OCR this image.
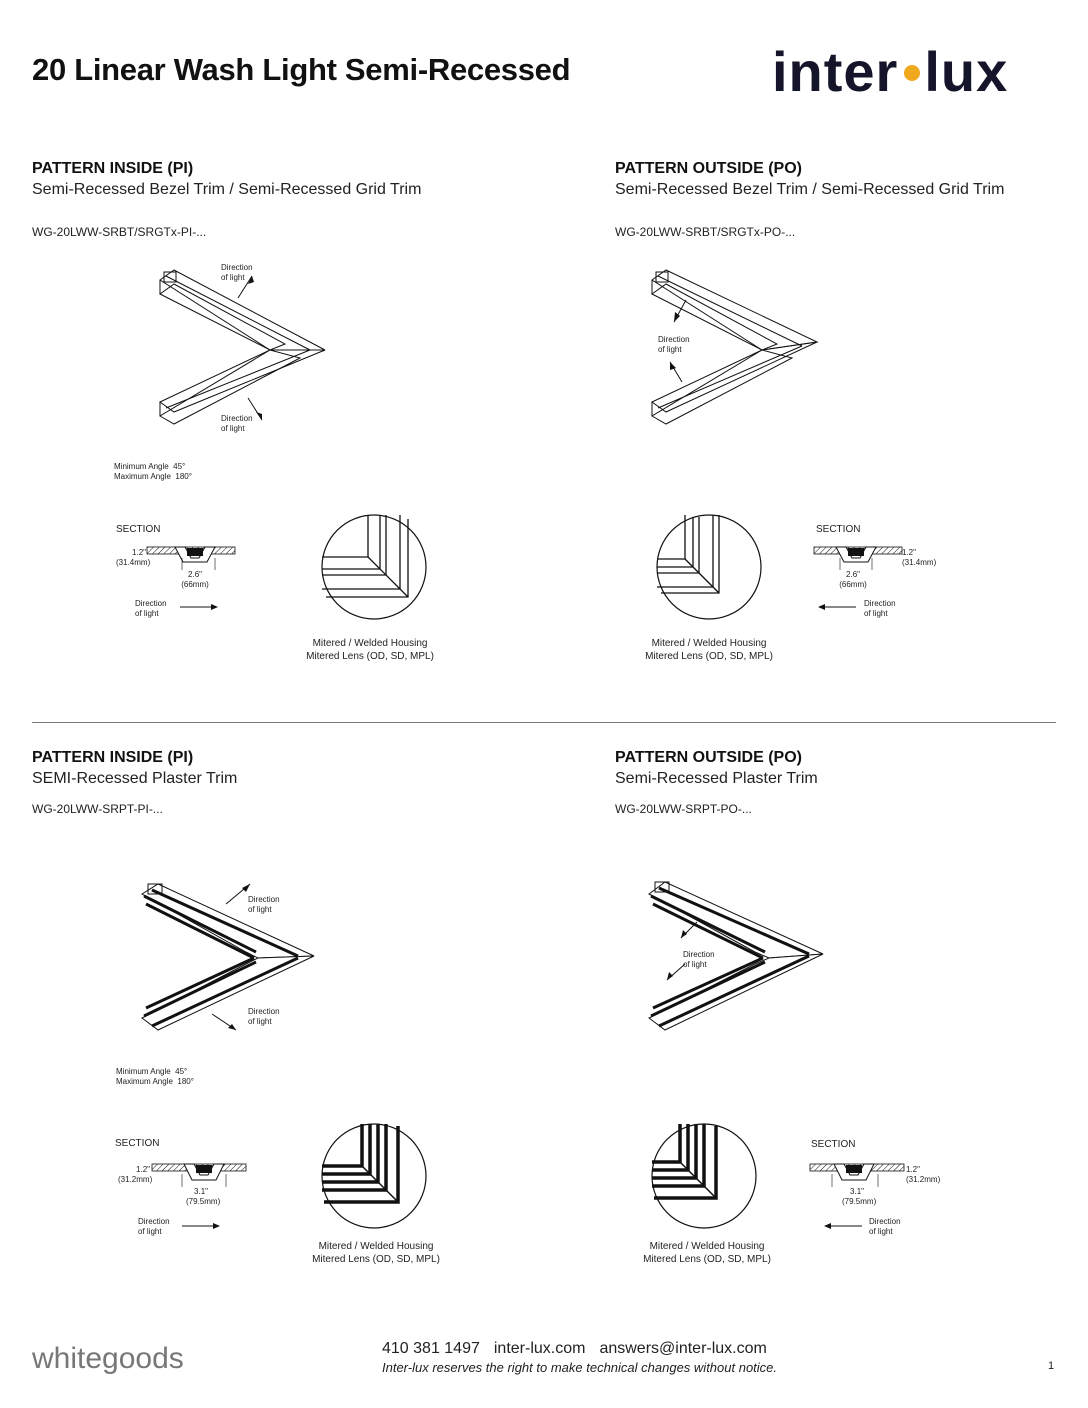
20 Linear Wash Light Semi-Recessed	inter lux
PATTERN INSIDE (PI)
Semi-Recessed Bezel Trim / Semi-Recessed Grid Trim
WG-20LWW-SRBT/SRGTx-PI-...
PATTERN OUTSIDE (PO)
Semi-Recessed Bezel Trim / Semi-Recessed Grid Trim
WG-20LWW-SRBT/SRGTx-PO-...
PATTERN INSIDE (PI)
SEMI-Recessed Plaster Trim
WG-20LWW-SRPT-PI-...
PATTERN OUTSIDE (PO)
Semi-Recessed Plaster Trim
WG-20LWW-SRPT-PO-...
Direction
of light
Direction
of light
Minimum Angle 45°
Maximum Angle 180°
SECTION
1.2"
(31.4mm)
2.6"
(66mm)
Direction
of light
Mitered / Welded Housing
Mitered Lens (OD, SD, MPL)
Direction
of light
Mitered / Welded Housing
Mitered Lens (OD, SD, MPL)
SECTION
1.2"
(31.4mm)
2.6"
(66mm)
Direction
of light
Direction
of light
Direction
of light
Minimum Angle 45°
Maximum Angle 180°
SECTION
1.2"
(31.2mm)
3.1"
(79.5mm)
Direction
of light
Mitered / Welded Housing
Mitered Lens (OD, SD, MPL)
Direction
of light
Mitered / Welded Housing
Mitered Lens (OD, SD, MPL)
SECTION
1.2"
(31.2mm)
3.1"
(79.5mm)
Direction
of light
whitegoods	410 381 1497 inter-lux.com answers@inter-lux.com
Inter-lux reserves the right to make technical changes without notice.	1
